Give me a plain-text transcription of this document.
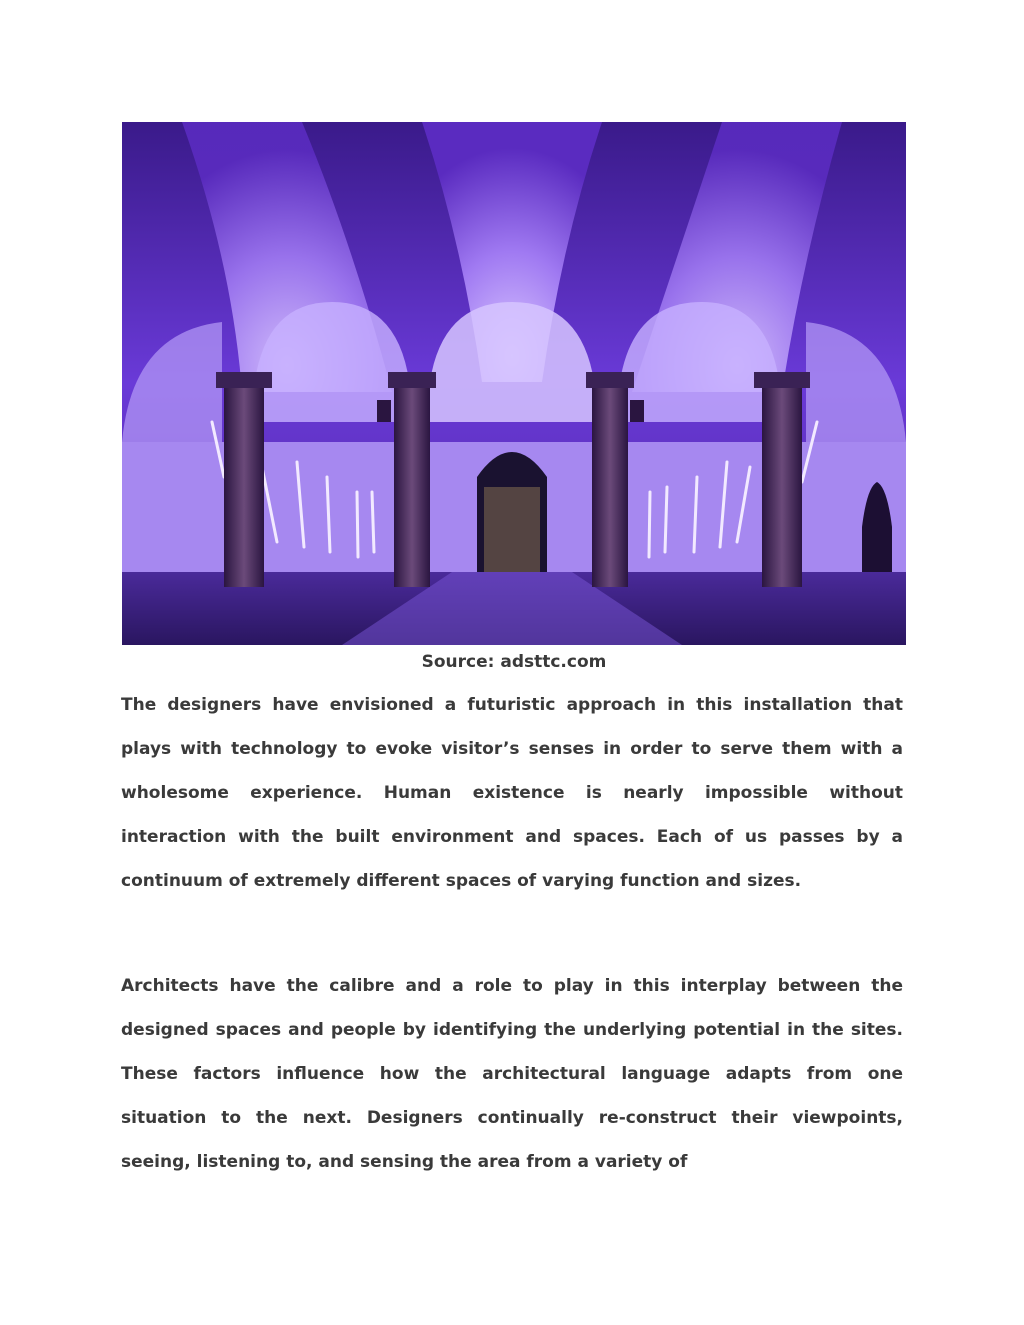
Source: adsttc.com

The designers have envisioned a futuristic approach in this installation that plays with technology to evoke visitor’s senses in order to serve them with a wholesome experience. Human existence is nearly impossible without interaction with the built environment and spaces. Each of us passes by a continuum of extremely different spaces of varying function and sizes.

Architects have the calibre and a role to play in this interplay between the designed spaces and people by identifying the underlying potential in the sites. These factors influence how the architectural language adapts from one situation to the next. Designers continually re-construct their viewpoints, seeing, listening to, and sensing the area from a variety of
